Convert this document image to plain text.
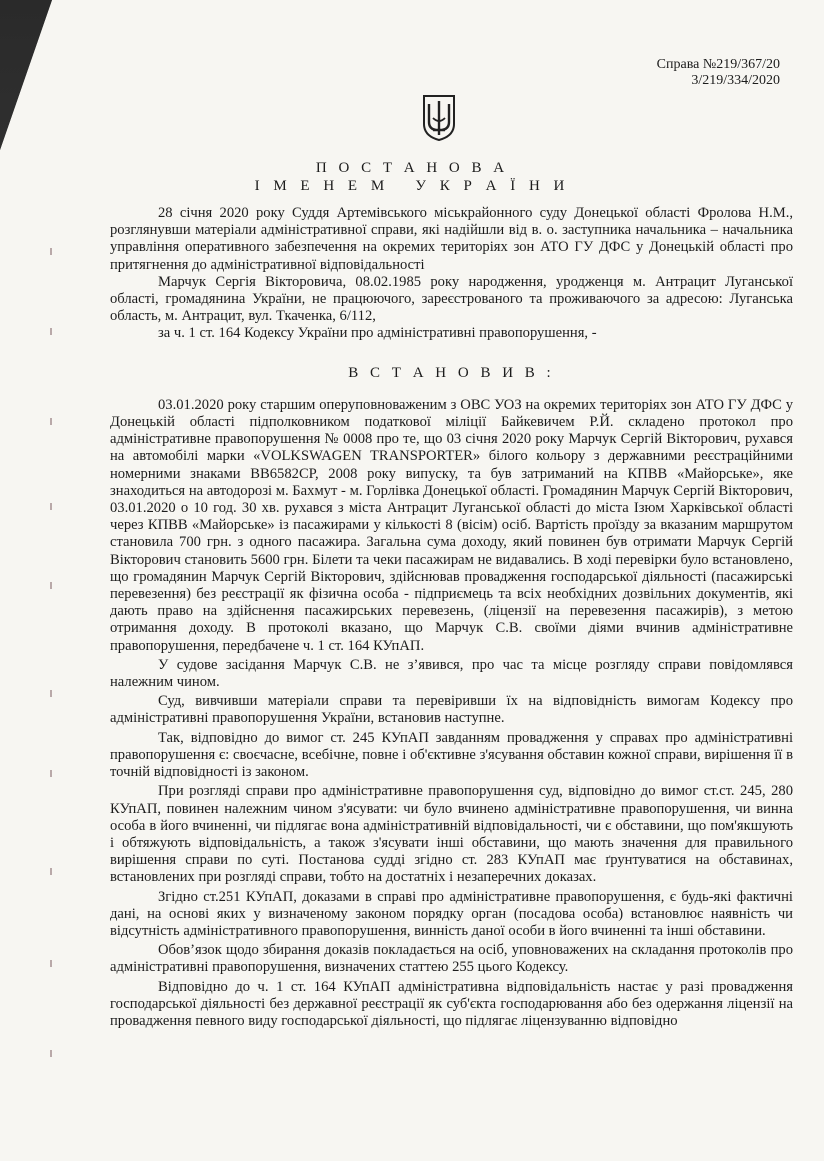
Справа №219/367/20
3/219/334/2020
П О С Т А Н О В А
І М Е Н Е М   У К Р А Ї Н И

28 січня 2020 року Суддя Артемівського міськрайонного суду Донецької області Фролова Н.М., розглянувши матеріали адміністративної справи, які надійшли від в. о. заступника начальника – начальника управління оперативного забезпечення на окремих територіях зон АТО ГУ ДФС у Донецькій області про притягнення до адміністративної відповідальності

Марчук Сергія Вікторовича, 08.02.1985 року народження, уродженця м. Антрацит Луганської області, громадянина України, не працюючого, зареєстрованого та проживаючого за адресою: Луганська область, м. Антрацит, вул. Ткаченка, 6/112,

за ч. 1 ст. 164 Кодексу України про адміністративні правопорушення, -

В С Т А Н О В И В :

03.01.2020 року старшим оперуповноваженим з ОВС УОЗ на окремих територіях зон АТО ГУ ДФС у Донецькій області підполковником податкової міліції Байкевичем Р.Й. складено протокол про адміністративне правопорушення № 0008 про те, що 03 січня 2020 року Марчук Сергій Вікторович, рухався на автомобілі марки «VOLKSWAGEN TRANSPORTER» білого кольору з державними реєстраційними номерними знаками ВВ6582СР, 2008 року випуску, та був затриманий на КПВВ «Майорське», яке знаходиться на автодорозі м. Бахмут - м. Горлівка Донецької області. Громадянин Марчук Сергій Вікторович, 03.01.2020 о 10 год. 30 хв. рухався з міста Антрацит Луганської області до міста Ізюм Харківської області через КПВВ «Майорське» із пасажирами у кількості 8 (вісім) осіб. Вартість проїзду за вказаним маршрутом становила 700 грн. з одного пасажира. Загальна сума доходу, який повинен був отримати Марчук Сергій Вікторович становить 5600 грн. Білети та чеки пасажирам не видавались. В ході перевірки було встановлено, що громадянин Марчук Сергій Вікторович, здійснював провадження господарської діяльності (пасажирські перевезення) без реєстрації як фізична особа - підприємець та всіх необхідних дозвільних документів, які дають право на здійснення пасажирських перевезень, (ліцензії на перевезення пасажирів), з метою отримання доходу. В протоколі вказано, що Марчук С.В. своїми діями вчинив адміністративне правопорушення, передбачене ч. 1 ст. 164 КУпАП.

У судове засідання Марчук С.В. не з’явився, про час та місце розгляду справи повідомлявся належним чином.

Суд, вивчивши матеріали справи та перевіривши їх на відповідність вимогам Кодексу про адміністративні правопорушення України, встановив наступне.

Так, відповідно до вимог ст. 245 КУпАП завданням провадження у справах про адміністративні правопорушення є: своєчасне, всебічне, повне і об'єктивне з'ясування обставин кожної справи, вирішення її в точній відповідності із законом.

При розгляді справи про адміністративне правопорушення суд, відповідно до вимог ст.ст. 245, 280 КУпАП, повинен належним чином з'ясувати: чи було вчинено адміністративне правопорушення, чи винна особа в його вчиненні, чи підлягає вона адміністративній відповідальності, чи є обставини, що пом'якшують і обтяжують відповідальність, а також з'ясувати інші обставини, що мають значення для правильного вирішення справи по суті. Постанова судді згідно ст. 283 КУпАП має ґрунтуватися на обставинах, встановлених при розгляді справи, тобто на достатніх і незаперечних доказах.

Згідно ст.251 КУпАП, доказами в справі про адміністративне правопорушення, є будь-які фактичні дані, на основі яких у визначеному законом порядку орган (посадова особа) встановлює наявність чи відсутність адміністративного правопорушення, винність даної особи в його вчиненні та інші обставини.

Обов’язок щодо збирання доказів покладається на осіб, уповноважених на складання протоколів про адміністративні правопорушення, визначених статтею 255 цього Кодексу.

Відповідно до ч. 1 ст. 164 КУпАП адміністративна відповідальність настає у разі провадження господарської діяльності без державної реєстрації як суб'єкта господарювання або без одержання ліцензії на провадження певного виду господарської діяльності, що підлягає ліцензуванню відповідно
